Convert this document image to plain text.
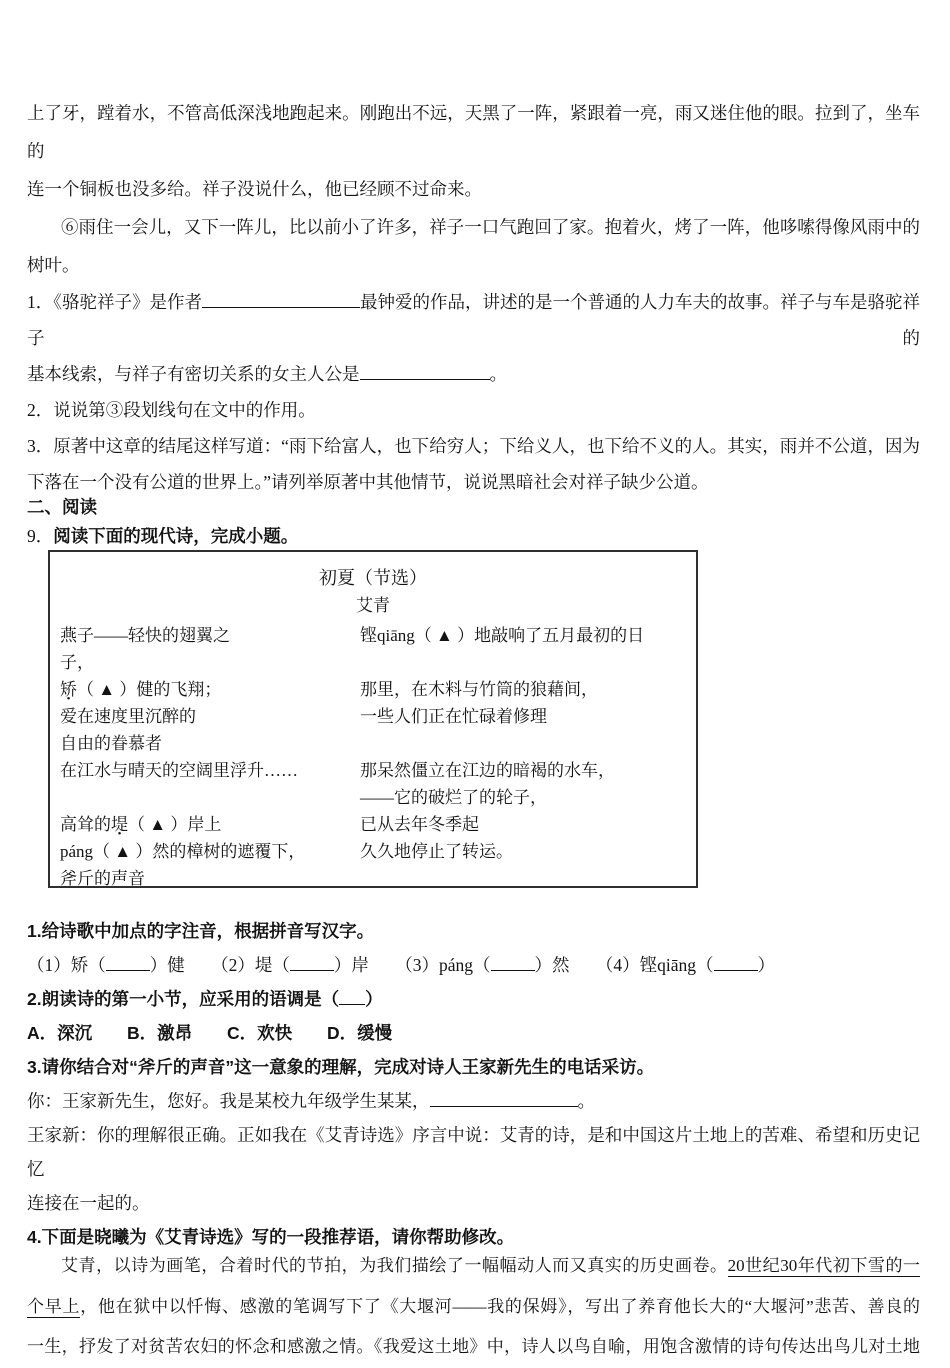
上了牙，蹚着水，不管高低深浅地跑起来。刚跑出不远，天黑了一阵，紧跟着一亮，雨又迷住他的眼。拉到了，坐车的
连一个铜板也没多给。祥子没说什么，他已经顾不过命来。
⑥雨住一会儿，又下一阵儿，比以前小了许多，祥子一口气跑回了家。抱着火，烤了一阵，他哆嗦得像风雨中的
树叶。
1．《骆驼祥子》是作者	最钟爱的作品，讲述的是一个普通的人力车夫的故事。祥子与车是骆驼祥子的
基本线索，与祥子有密切关系的女主人公是	。
2．说说第③段划线句在文中的作用。
3．原著中这章的结尾这样写道：“雨下给富人，也下给穷人；下给义人，也下给不义的人。其实，雨并不公道，因为
下落在一个没有公道的世界上。”请列举原著中其他情节，说说黑暗社会对祥子缺少公道。
二、阅读
9．阅读下面的现代诗，完成小题。
初夏（节选）
艾青
燕子——轻快的翅翼之	铿qiāng（ ▲ ）地敲响了五月最初的日
子，
矫（ ▲ ）健的飞翔；	那里，在木料与竹筒的狼藉间，
爱在速度里沉醉的	一些人们正在忙碌着修理
自由的眷慕者
在江水与晴天的空阔里浮升……	那呆然僵立在江边的暗褐的水车，
——它的破烂了的轮子，
高耸的堤（ ▲ ）岸上	已从去年冬季起
páng（ ▲ ）然的樟树的遮覆下，	久久地停止了转运。
斧斤的声音
1.给诗歌中加点的字注音，根据拼音写汉字。
（1）矫（	）健 （2）堤（	）岸 （3）páng（	）然 （4）铿qiāng（	）
2.朗读诗的第一小节，应采用的语调是（ ）
A．深沉 B．激昂 C．欢快 D．缓慢
3.请你结合对“斧斤的声音”这一意象的理解，完成对诗人王家新先生的电话采访。
你：王家新先生，您好。我是某校九年级学生某某，	。
王家新：你的理解很正确。正如我在《艾青诗选》序言中说：艾青的诗，是和中国这片土地上的苦难、希望和历史记忆
连接在一起的。
4.下面是晓曦为《艾青诗选》写的一段推荐语，请你帮助修改。
艾青，以诗为画笔，合着时代的节拍，为我们描绘了一幅幅动人而又真实的历史画卷。20世纪30年代初下雪的一
个早上，他在狱中以忏悔、感激的笔调写下了《大堰河——我的保姆》，写出了养育他长大的“大堰河”悲苦、善良的
一生，抒发了对贫苦农妇的怀念和感激之情。《我爱这土地》中，诗人以鸟自喻，用饱含激情的诗句传达出鸟儿对土地
